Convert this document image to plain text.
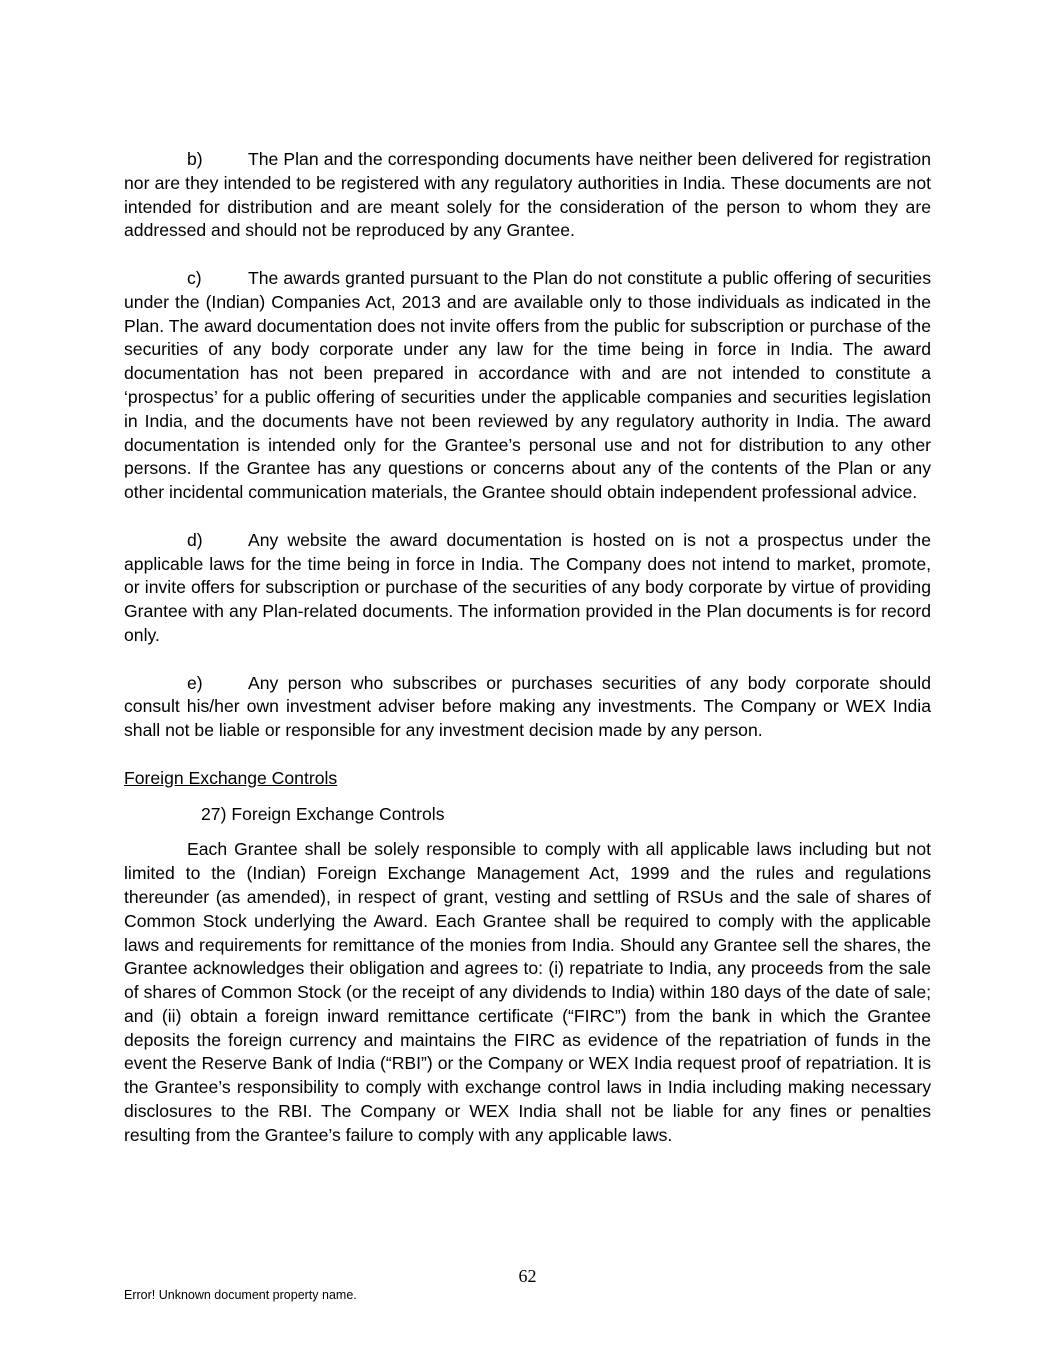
b)	The Plan and the corresponding documents have neither been delivered for registration nor are they intended to be registered with any regulatory authorities in India. These documents are not intended for distribution and are meant solely for the consideration of the person to whom they are addressed and should not be reproduced by any Grantee.

c)	The awards granted pursuant to the Plan do not constitute a public offering of securities under the (Indian) Companies Act, 2013 and are available only to those individuals as indicated in the Plan. The award documentation does not invite offers from the public for subscription or purchase of the securities of any body corporate under any law for the time being in force in India. The award documentation has not been prepared in accordance with and are not intended to constitute a ‘prospectus’ for a public offering of securities under the applicable companies and securities legislation in India, and the documents have not been reviewed by any regulatory authority in India. The award documentation is intended only for the Grantee’s personal use and not for distribution to any other persons. If the Grantee has any questions or concerns about any of the contents of the Plan or any other incidental communication materials, the Grantee should obtain independent professional advice.

d)	Any website the award documentation is hosted on is not a prospectus under the applicable laws for the time being in force in India. The Company does not intend to market, promote, or invite offers for subscription or purchase of the securities of any body corporate by virtue of providing Grantee with any Plan-related documents. The information provided in the Plan documents is for record only.

e)	Any person who subscribes or purchases securities of any body corporate should consult his/her own investment adviser before making any investments. The Company or WEX India shall not be liable or responsible for any investment decision made by any person.

Foreign Exchange Controls
27) Foreign Exchange Controls

Each Grantee shall be solely responsible to comply with all applicable laws including but not limited to the (Indian) Foreign Exchange Management Act, 1999 and the rules and regulations thereunder (as amended), in respect of grant, vesting and settling of RSUs and the sale of shares of Common Stock underlying the Award. Each Grantee shall be required to comply with the applicable laws and requirements for remittance of the monies from India. Should any Grantee sell the shares, the Grantee acknowledges their obligation and agrees to: (i) repatriate to India, any proceeds from the sale of shares of Common Stock (or the receipt of any dividends to India) within 180 days of the date of sale; and (ii) obtain a foreign inward remittance certificate (“FIRC”) from the bank in which the Grantee deposits the foreign currency and maintains the FIRC as evidence of the repatriation of funds in the event the Reserve Bank of India (“RBI”) or the Company or WEX India request proof of repatriation. It is the Grantee’s responsibility to comply with exchange control laws in India including making necessary disclosures to the RBI. The Company or WEX India shall not be liable for any fines or penalties resulting from the Grantee’s failure to comply with any applicable laws.

62
Error! Unknown document property name.
